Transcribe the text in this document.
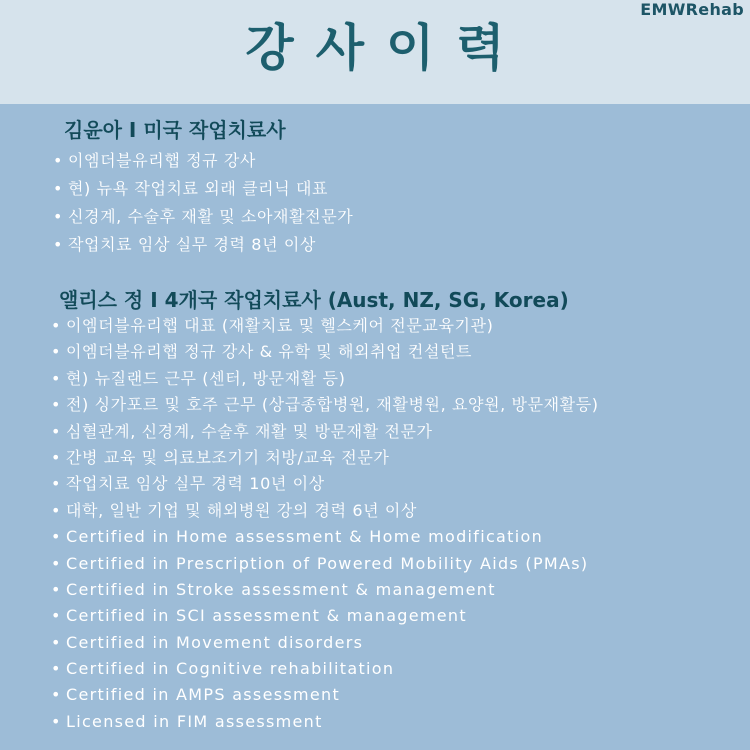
EMWRehab
강사이력
김윤아 I 미국 작업치료사
• 이엠더블유리햅 정규 강사
• 현) 뉴욕 작업치료 외래 클리닉 대표
• 신경계, 수술후 재활 및 소아재활전문가
• 작업치료 임상 실무 경력 8년 이상
앨리스 정 I 4개국 작업치료사 (Aust, NZ, SG, Korea)
• 이엠더블유리햅 대표 (재활치료 및 헬스케어 전문교육기관)
• 이엠더블유리햅 정규 강사 & 유학 및 해외취업 컨설턴트
• 현) 뉴질랜드 근무 (센터, 방문재활 등)
• 전) 싱가포르 및 호주 근무 (상급종합병원, 재활병원, 요양원, 방문재활등)
• 심혈관계, 신경계, 수술후 재활 및 방문재활 전문가
• 간병 교육 및 의료보조기기 처방/교육 전문가
• 작업치료 임상 실무 경력 10년 이상
• 대학, 일반 기업 및 해외병원 강의 경력 6년 이상
• Certified in Home assessment & Home modification
• Certified in Prescription of Powered Mobility Aids (PMAs)
• Certified in Stroke assessment & management
• Certified in SCI assessment & management
• Certified in Movement disorders
• Certified in Cognitive rehabilitation
• Certified in AMPS assessment
• Licensed in FIM assessment
